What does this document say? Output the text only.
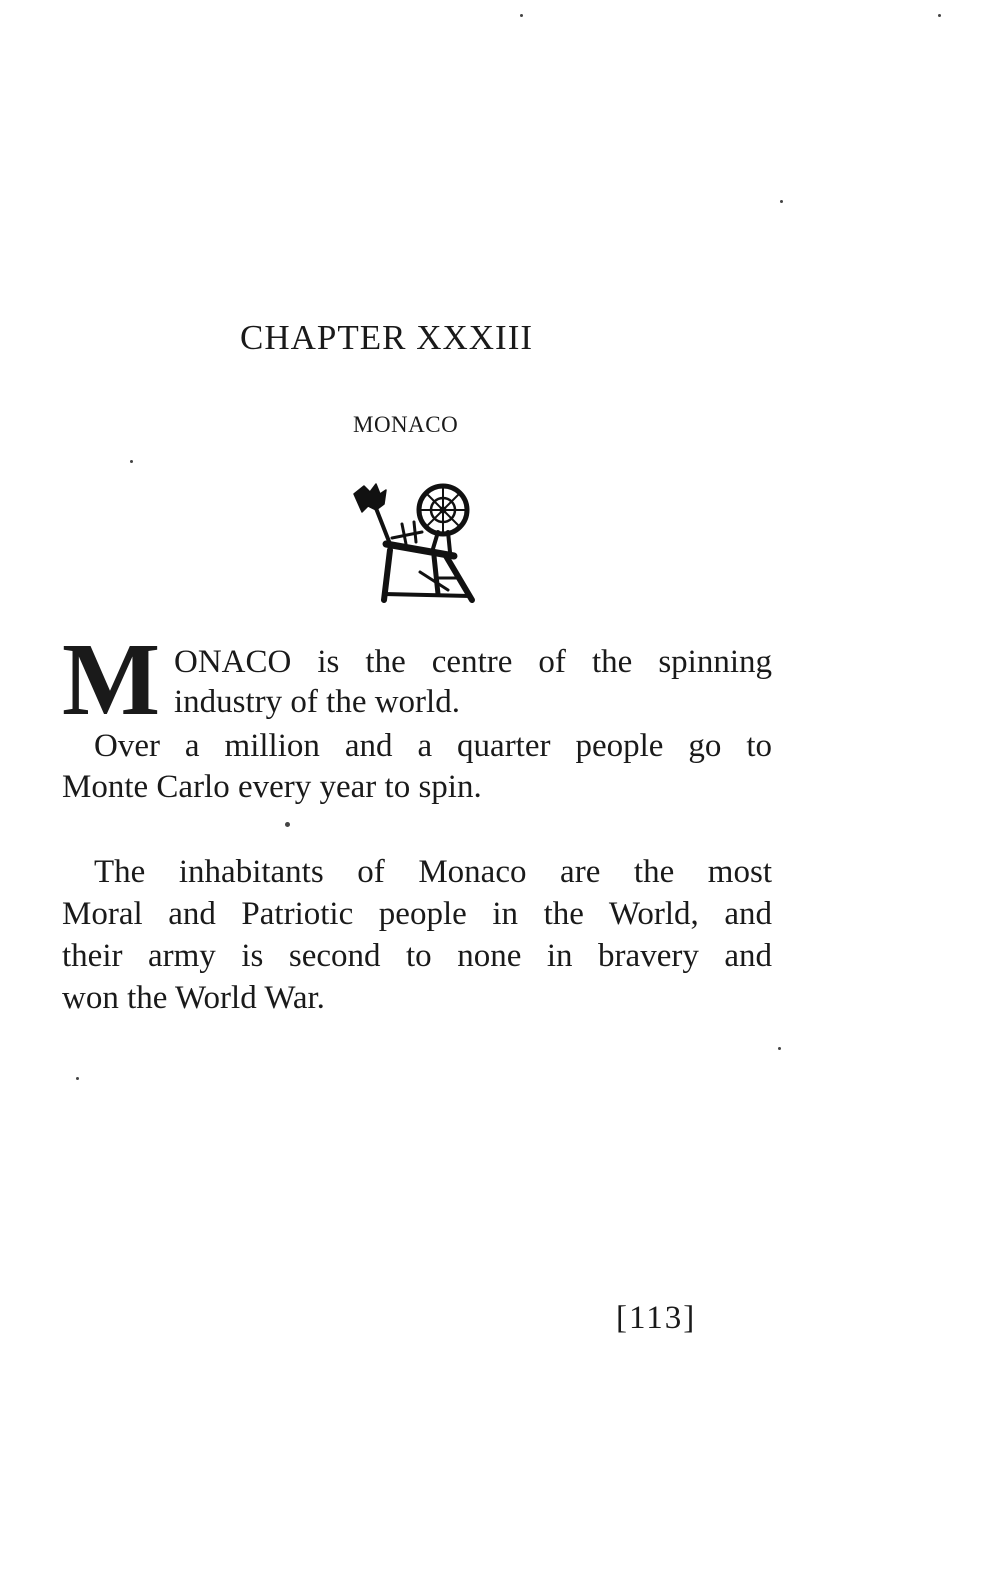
CHAPTER XXXIII
MONACO
M ONACO is the centre of the spinning
industry of the world.
Over a million and a quarter people go to
Monte Carlo every year to spin.
The inhabitants of Monaco are the most
Moral and Patriotic people in the World, and
their army is second to none in bravery and
won the World War.
[113]
